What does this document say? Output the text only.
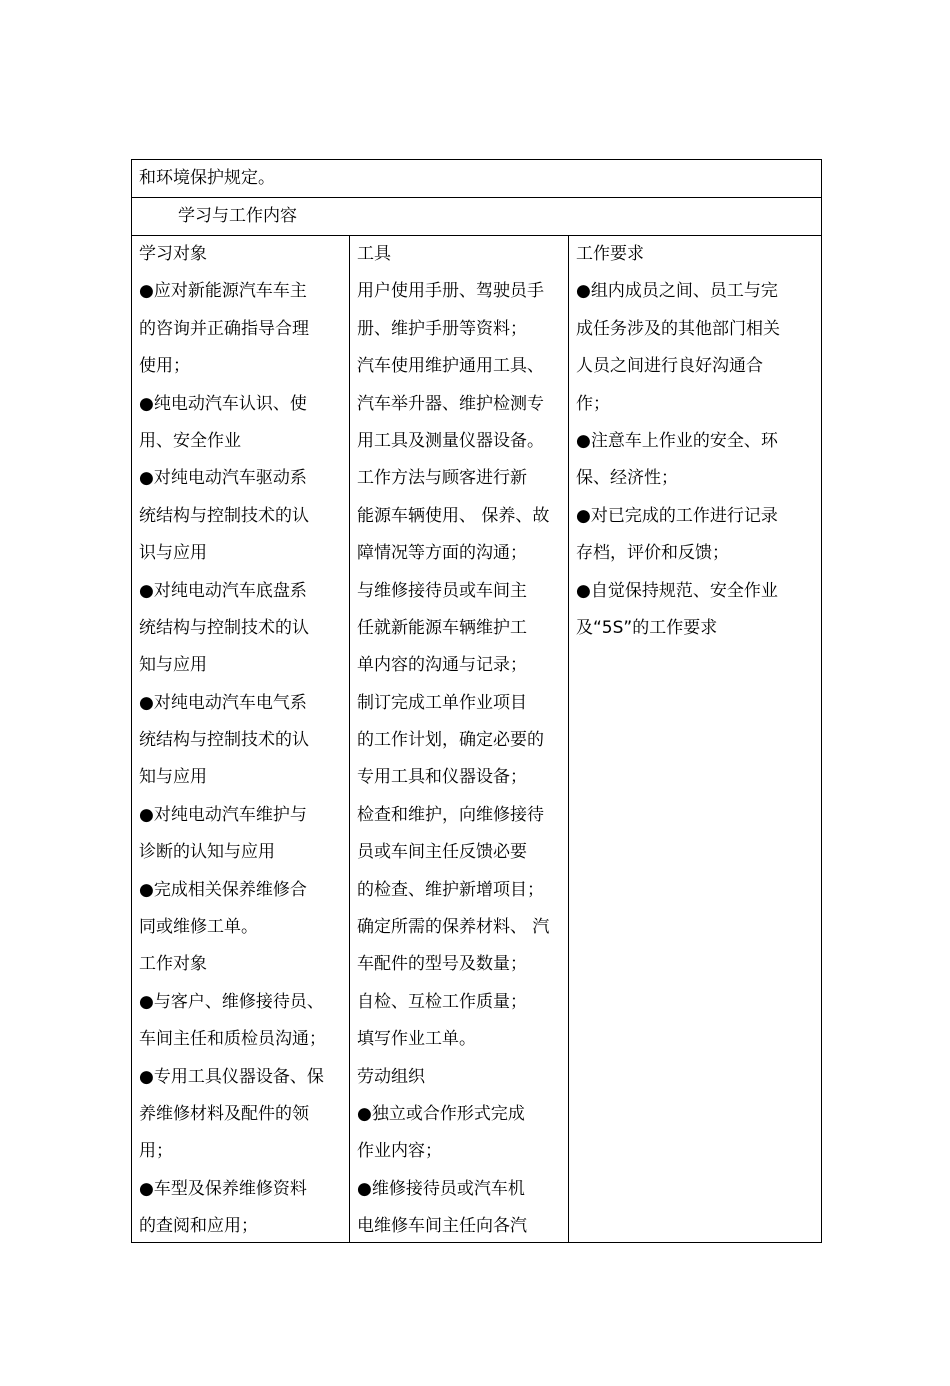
和环境保护规定。
学习与工作内容
学习对象
●应对新能源汽车车主
的咨询并正确指导合理
使用；
●纯电动汽车认识、使
用、安全作业
●对纯电动汽车驱动系
统结构与控制技术的认
识与应用
●对纯电动汽车底盘系
统结构与控制技术的认
知与应用
●对纯电动汽车电气系
统结构与控制技术的认
知与应用
●对纯电动汽车维护与
诊断的认知与应用
●完成相关保养维修合
同或维修工单。
工作对象
●与客户、维修接待员、
车间主任和质检员沟通；
●专用工具仪器设备、保
养维修材料及配件的领
用；
●车型及保养维修资料
的查阅和应用；
工具
用户使用手册、驾驶员手
册、维护手册等资料；
汽车使用维护通用工具、
汽车举升器、维护检测专
用工具及测量仪器设备。
工作方法与顾客进行新
能源车辆使用、 保养、故
障情况等方面的沟通；
与维修接待员或车间主
任就新能源车辆维护工
单内容的沟通与记录；
制订完成工单作业项目
的工作计划，确定必要的
专用工具和仪器设备；
检查和维护，向维修接待
员或车间主任反馈必要
的检查、维护新增项目；
确定所需的保养材料、 汽
车配件的型号及数量；
自检、互检工作质量；
填写作业工单。
劳动组织
●独立或合作形式完成
作业内容；
●维修接待员或汽车机
电维修车间主任向各汽
工作要求
●组内成员之间、员工与完
成任务涉及的其他部门相关
人员之间进行良好沟通合
作；
●注意车上作业的安全、环
保、经济性；
●对已完成的工作进行记录
存档，评价和反馈；
●自觉保持规范、安全作业
及“5S”的工作要求
